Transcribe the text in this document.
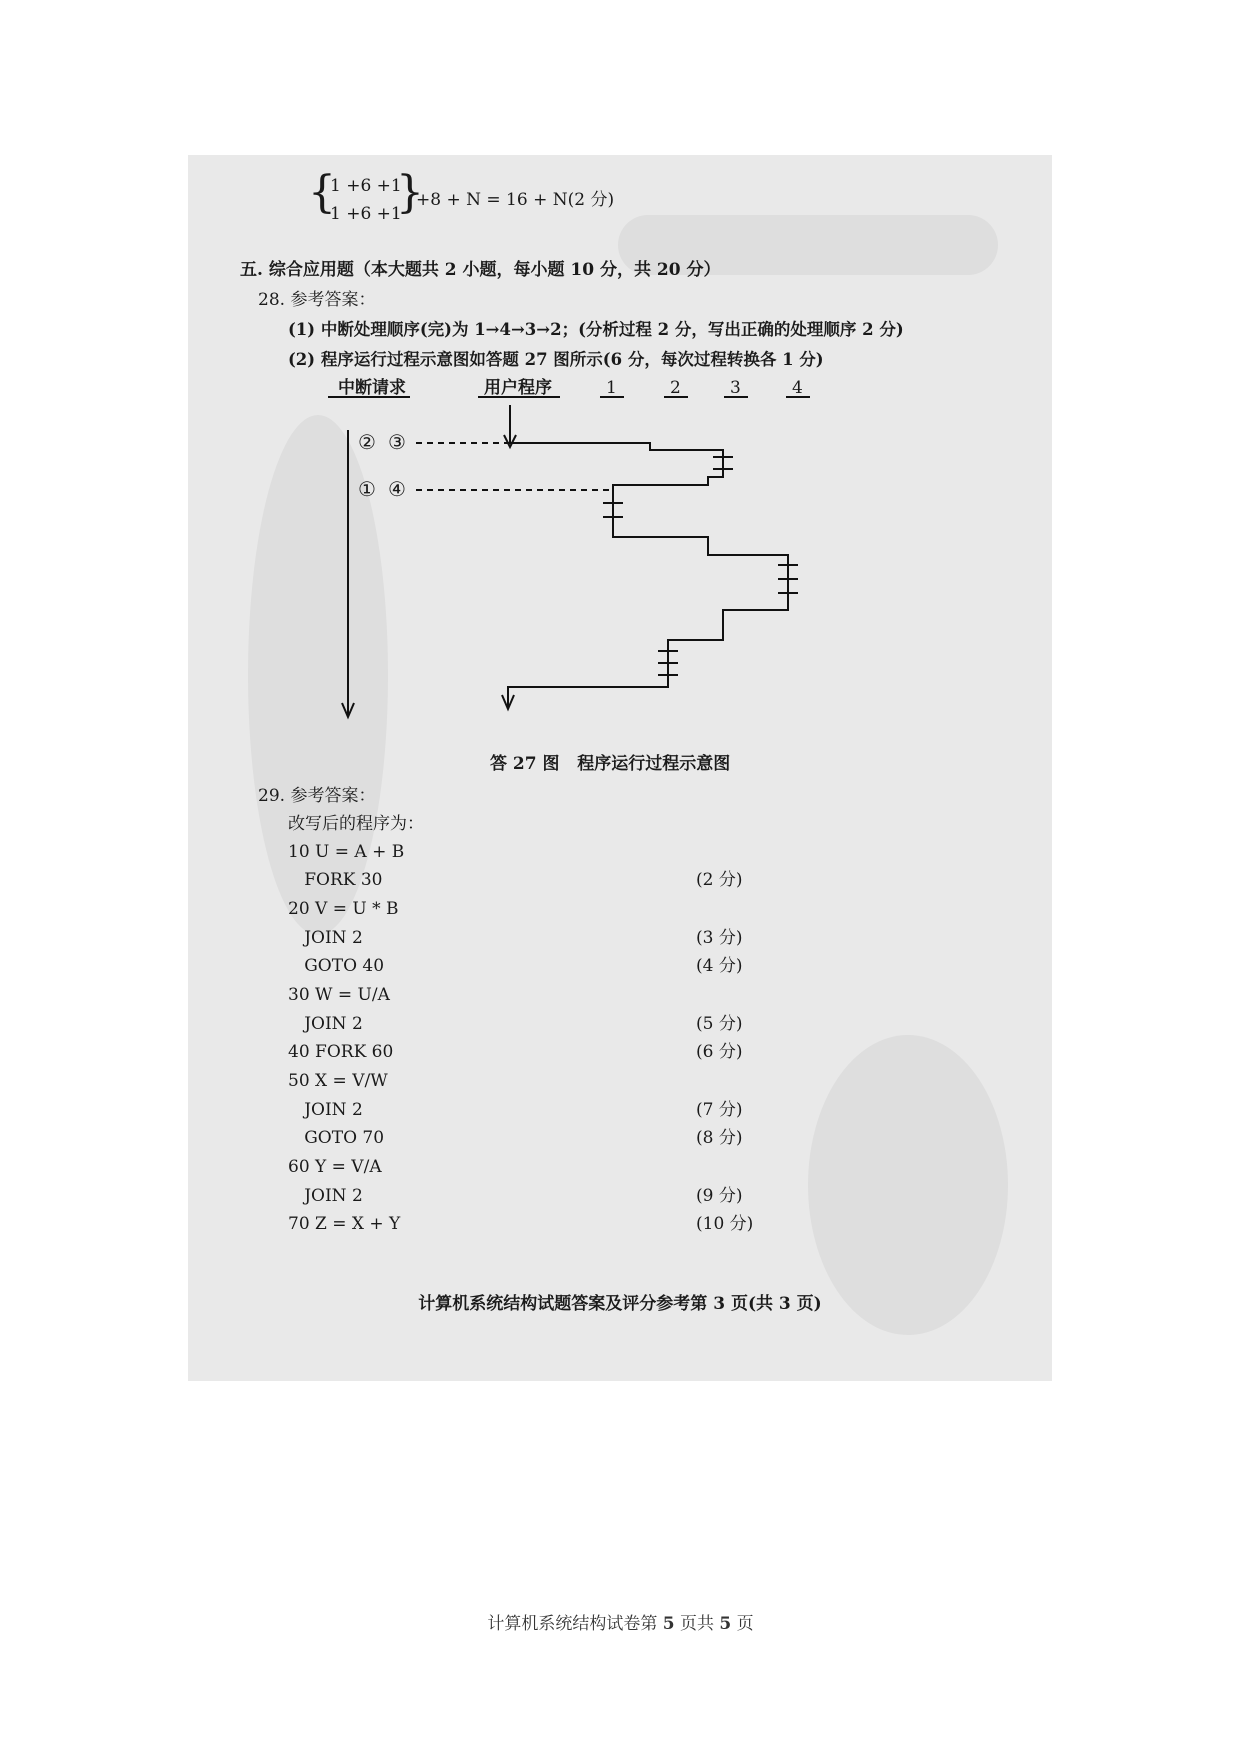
{
1 +6 +1
1 +6 +1
}
+8 + N = 16 + N(2 分)
五. 综合应用题（本大题共 2 小题，每小题 10 分，共 20 分）
28. 参考答案：
(1) 中断处理顺序(完)为 1→4→3→2；(分析过程 2 分，写出正确的处理顺序 2 分)
(2) 程序运行过程示意图如答题 27 图所示(6 分，每次过程转换各 1 分)
中断请求	用户程序	1	2	3	4
② ③
① ④
答 27 图   程序运行过程示意图
29. 参考答案：
改写后的程序为：
10 U = A + B
FORK 30	(2 分)
20 V = U * B
JOIN 2	(3 分)
GOTO 40	(4 分)
30 W = U/A
JOIN 2	(5 分)
40 FORK 60	(6 分)
50 X = V/W
JOIN 2	(7 分)
GOTO 70	(8 分)
60 Y = V/A
JOIN 2	(9 分)
70 Z = X + Y	(10 分)
计算机系统结构试题答案及评分参考第 3 页(共 3 页)
计算机系统结构试卷第 5 页共 5 页
